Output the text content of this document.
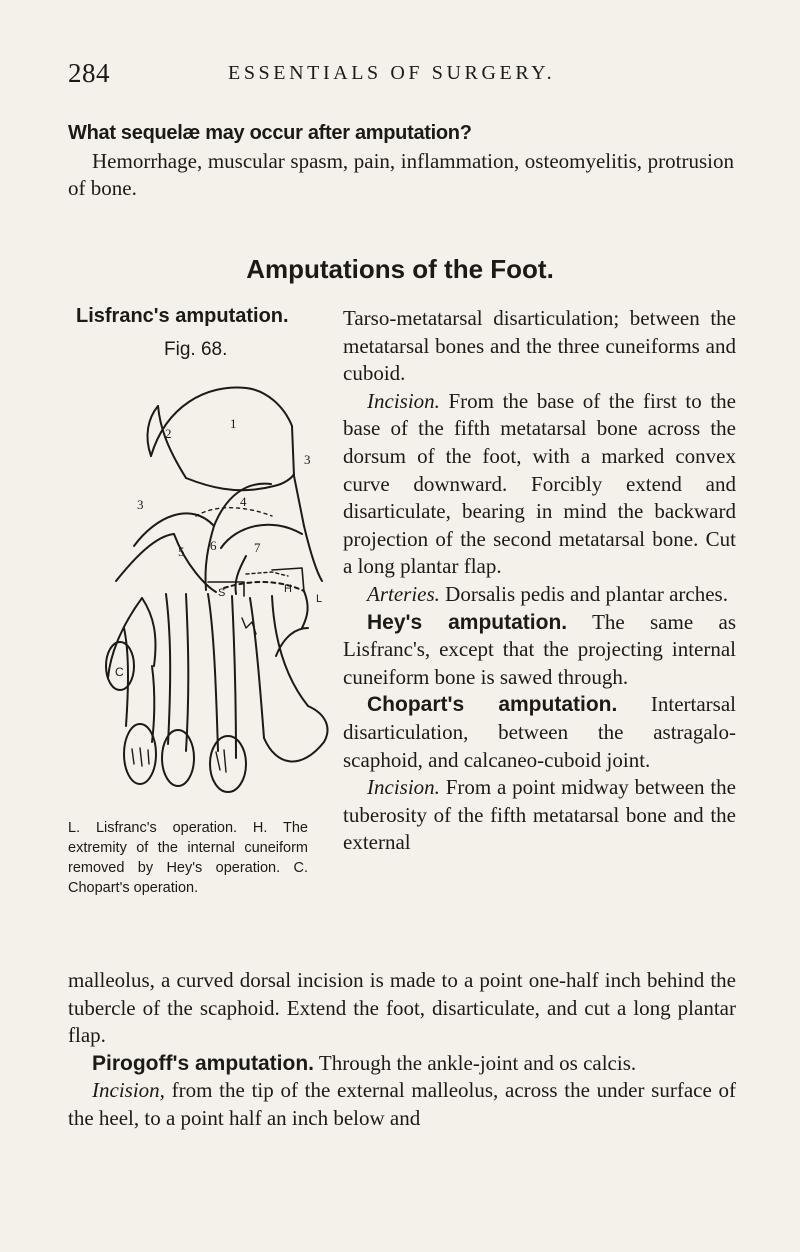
284	ESSENTIALS OF SURGERY.
What sequelæ may occur after amputation?
Hemorrhage, muscular spasm, pain, inflammation, osteomyelitis, protrusion of bone.
Amputations of the Foot.
Lisfranc's amputation.
Fig. 68.
2
1
3
3	4
5 6	7
S	H
L
C
L. Lisfranc's operation. H. The extremity of the internal cuneiform removed by Hey's operation. C. Chopart's operation.

Tarso-metatarsal disarticulation; between the metatarsal bones and the three cuneiforms and cuboid.

Incision. From the base of the first to the base of the fifth metatarsal bone across the dorsum of the foot, with a marked convex curve downward. Forcibly extend and disarticulate, bearing in mind the backward projection of the second metatarsal bone. Cut a long plantar flap.

Arteries. Dorsalis pedis and plantar arches.

Hey's amputation. The same as Lisfranc's, except that the projecting internal cuneiform bone is sawed through.

Chopart's amputation. Intertarsal disarticulation, between the astragalo-scaphoid, and calcaneo-cuboid joint.

Incision. From a point midway between the tuberosity of the fifth metatarsal bone and the external

malleolus, a curved dorsal incision is made to a point one-half inch behind the tubercle of the scaphoid. Extend the foot, disarticulate, and cut a long plantar flap.

Pirogoff's amputation. Through the ankle-joint and os calcis.

Incision, from the tip of the external malleolus, across the under surface of the heel, to a point half an inch below and
